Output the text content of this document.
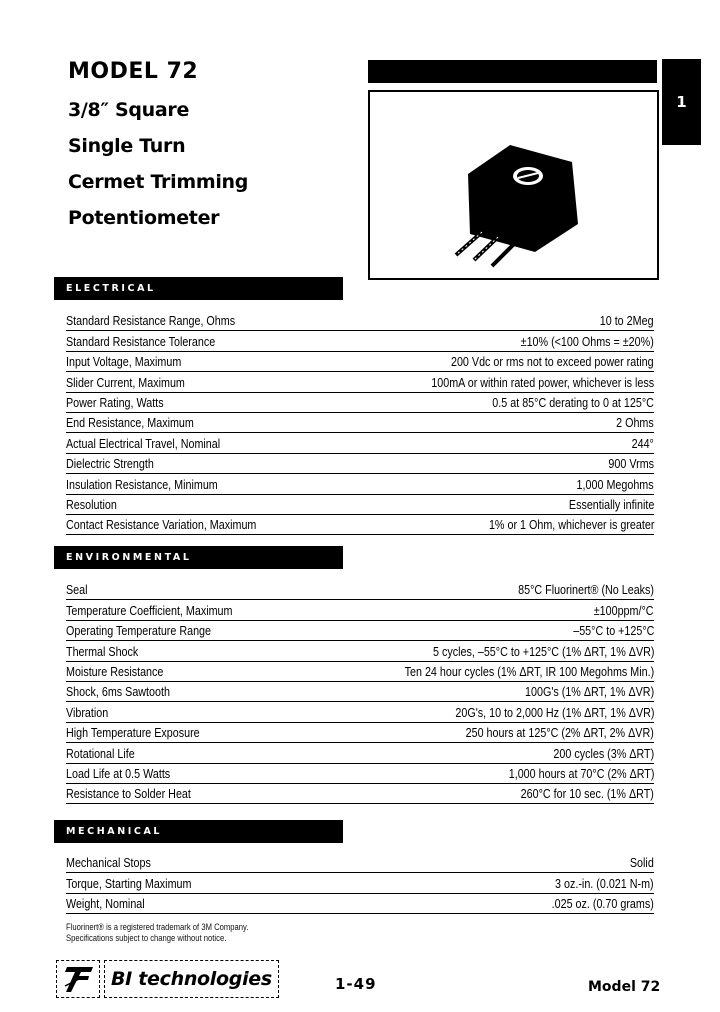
MODEL 72
3/8″ Square
Single Turn
Cermet Trimming
Potentiometer
1
ELECTRICAL
Standard Resistance Range, Ohms	10 to 2Meg
Standard Resistance Tolerance	±10% (<100 Ohms = ±20%)
Input Voltage, Maximum	200 Vdc or rms not to exceed power rating
Slider Current, Maximum	100mA or within rated power, whichever is less
Power Rating, Watts	0.5 at 85°C derating to 0 at 125°C
End Resistance, Maximum	2 Ohms
Actual Electrical Travel, Nominal	244°
Dielectric Strength	900 Vrms
Insulation Resistance, Minimum	1,000 Megohms
Resolution	Essentially infinite
Contact Resistance Variation, Maximum	1% or 1 Ohm, whichever is greater
ENVIRONMENTAL
Seal	85°C Fluorinert® (No Leaks)
Temperature Coefficient, Maximum	±100ppm/°C
Operating Temperature Range	–55°C to +125°C
Thermal Shock	5 cycles, –55°C to +125°C (1% ΔRT, 1% ΔVR)
Moisture Resistance	Ten 24 hour cycles (1% ΔRT, IR 100 Megohms Min.)
Shock, 6ms Sawtooth	100G's (1% ΔRT, 1% ΔVR)
Vibration	20G's, 10 to 2,000 Hz (1% ΔRT, 1% ΔVR)
High Temperature Exposure	250 hours at 125°C (2% ΔRT, 2% ΔVR)
Rotational Life	200 cycles (3% ΔRT)
Load Life at 0.5 Watts	1,000 hours at 70°C (2% ΔRT)
Resistance to Solder Heat	260°C for 10 sec. (1% ΔRT)
MECHANICAL
Mechanical Stops	Solid
Torque, Starting Maximum	3 oz.-in. (0.021 N-m)
Weight, Nominal	.025 oz. (0.70 grams)
Fluorinert® is a registered trademark of 3M Company.
Specifications subject to change without notice.
BI technologies	1-49	Model 72
